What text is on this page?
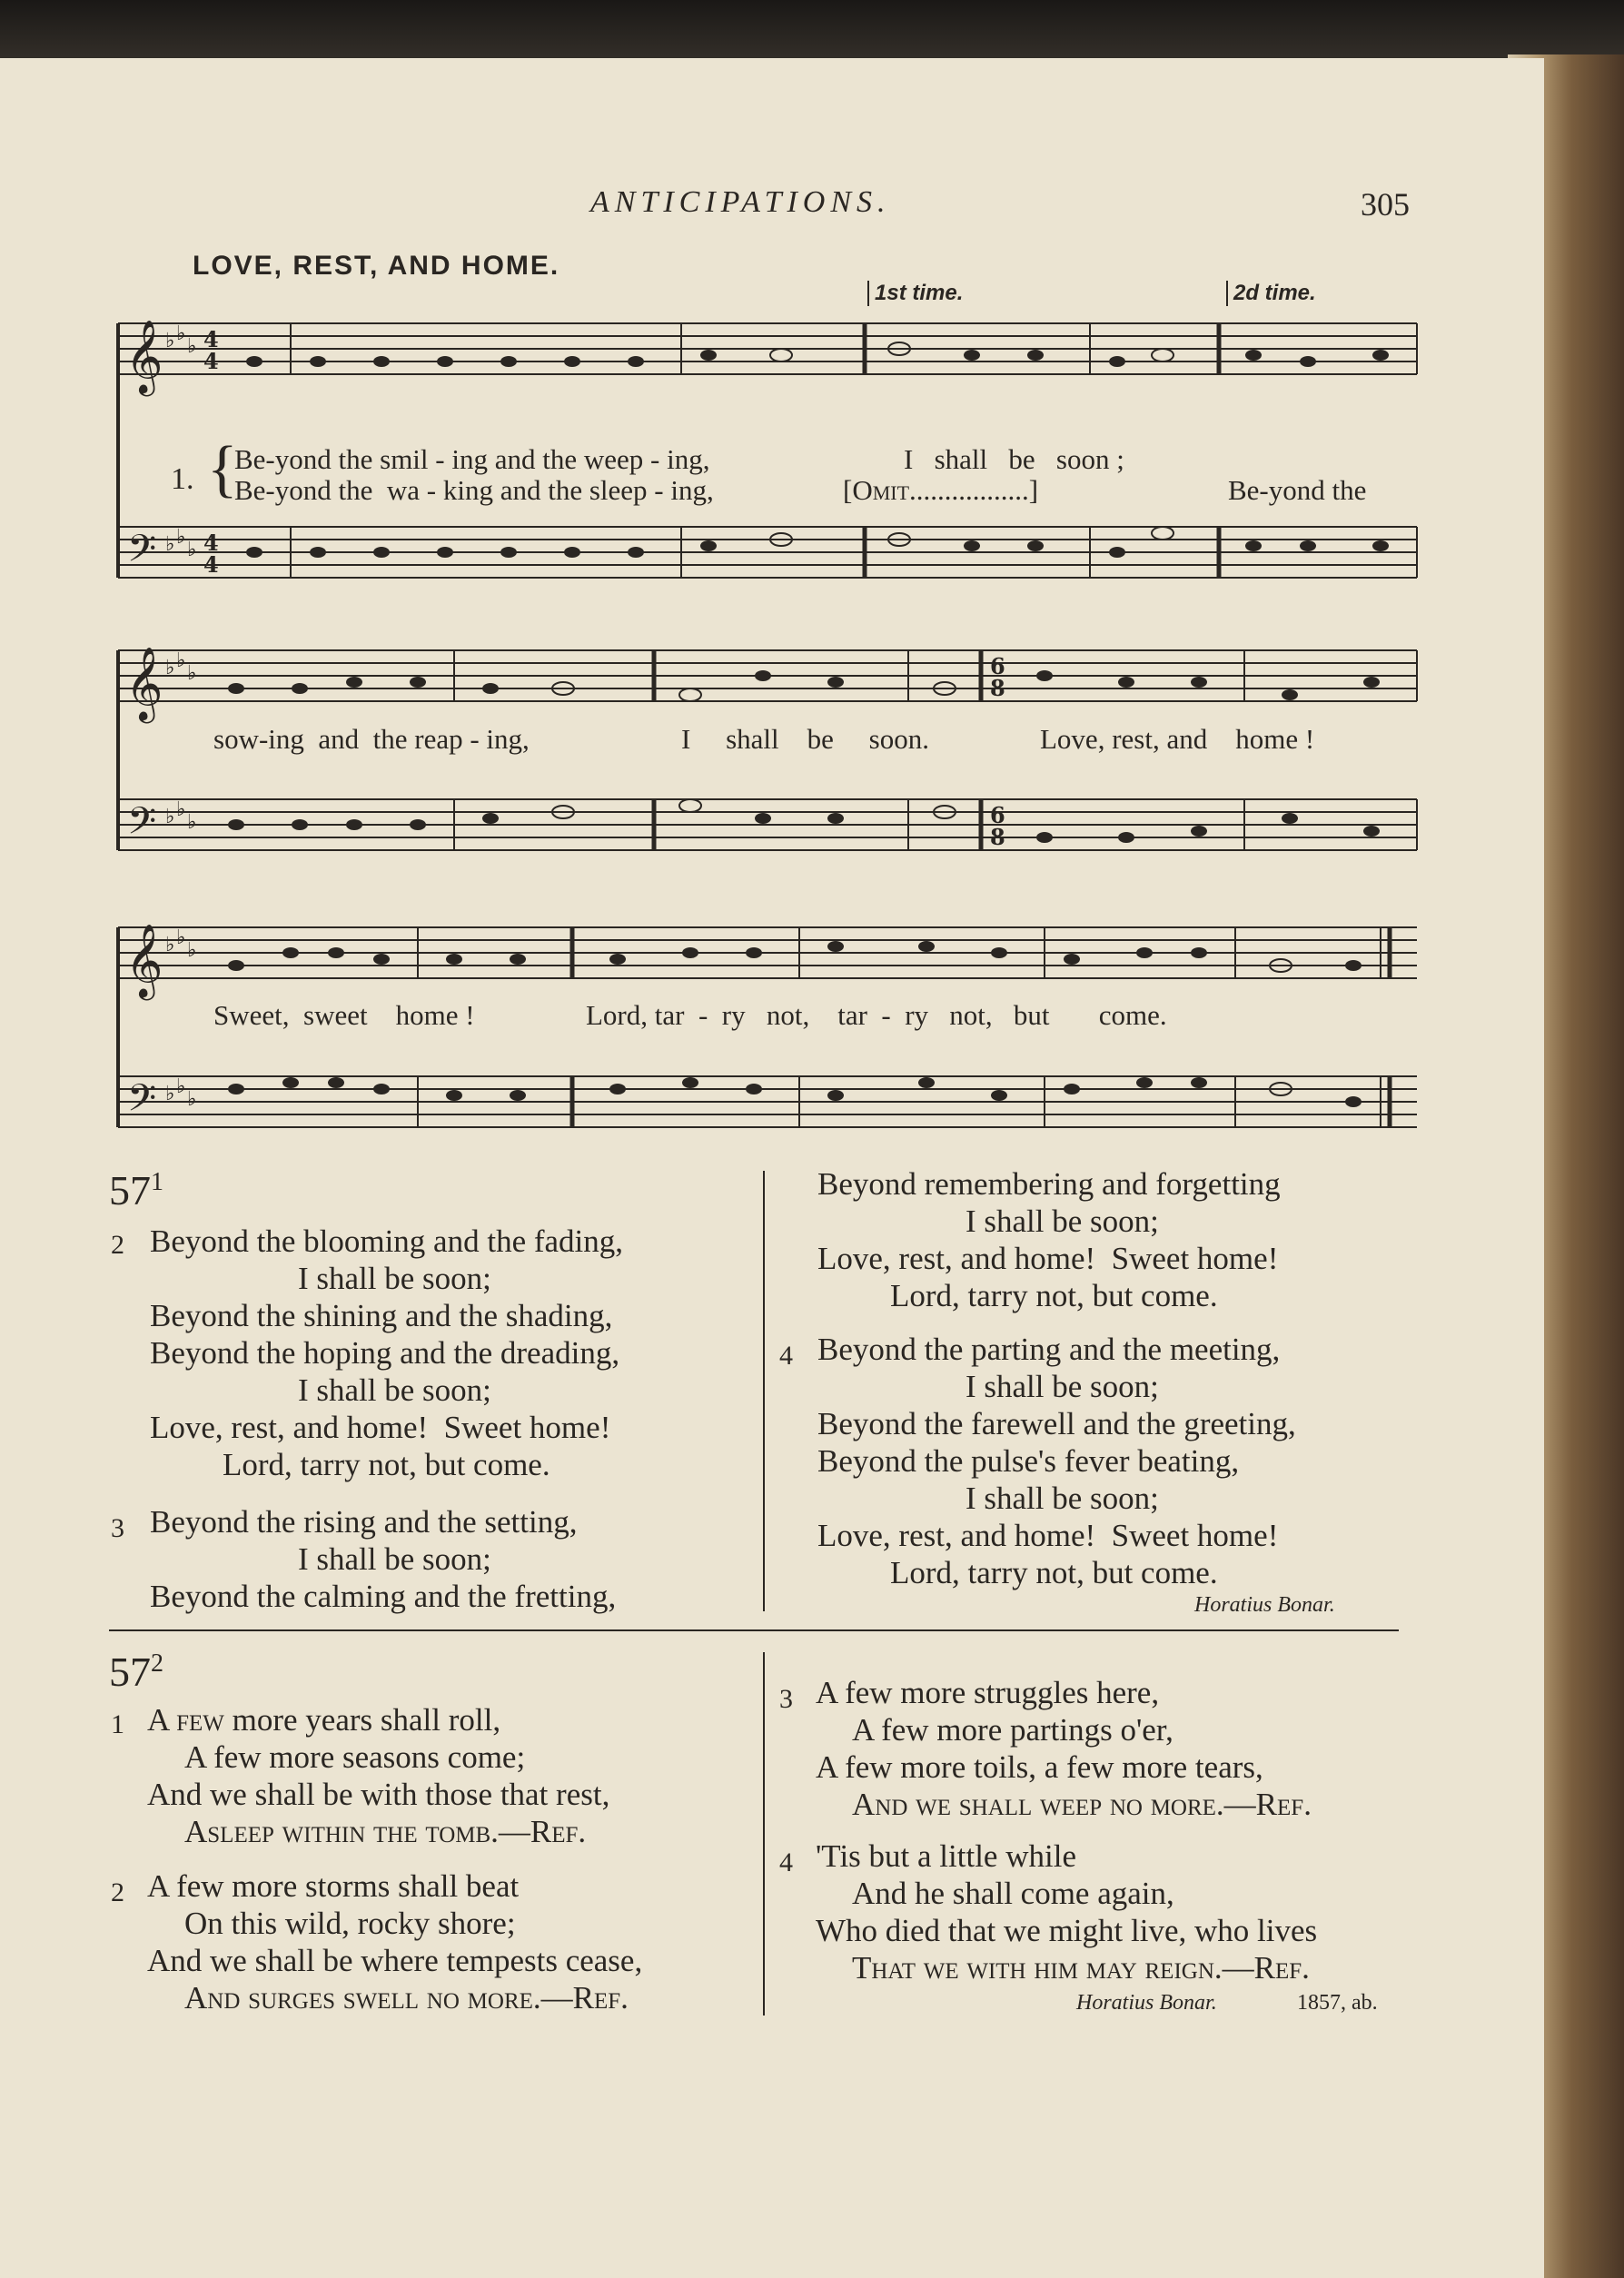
ANTICIPATIONS.	305
LOVE, REST, AND HOME.
1st time.	2d time.
𝄞
𝄢
♭ ♭
♭
♭ ♭
♭
4
4
4
4
1. {
Be-yond the smil - ing and the weep - ing,	I   shall   be   soon ;
Be-yond the  wa - king and the sleep - ing,	[Omit.................]	Be-yond the
𝄞
𝄢
♭ ♭
♭
♭ ♭
♭
6
8
6
8
sow-ing  and  the reap - ing,	I     shall    be     soon.	Love, rest, and    home !
𝄞
𝄢
♭ ♭
♭
♭ ♭
♭
Sweet,  sweet    home !	Lord, tar  -  ry   not,    tar  -  ry   not,   but       come.
$57^1$
2 Beyond the blooming and the fading,
I shall be soon;
Beyond the shining and the shading,
Beyond the hoping and the dreading,
I shall be soon;
Love, rest, and home!  Sweet home!
Lord, tarry not, but come.
3 Beyond the rising and the setting,
I shall be soon;
Beyond the calming and the fretting,
Beyond remembering and forgetting
I shall be soon;
Love, rest, and home!  Sweet home!
Lord, tarry not, but come.
4 Beyond the parting and the meeting,
I shall be soon;
Beyond the farewell and the greeting,
Beyond the pulse's fever beating,
I shall be soon;
Love, rest, and home!  Sweet home!
Lord, tarry not, but come.
Horatius Bonar.
$57^2$
1 A few more years shall roll,
A few more seasons come;
And we shall be with those that rest,
Asleep within the tomb.—Ref.
2 A few more storms shall beat
On this wild, rocky shore;
And we shall be where tempests cease,
And surges swell no more.—Ref.
3 A few more struggles here,
A few more partings o'er,
A few more toils, a few more tears,
And we shall weep no more.—Ref.
4 'Tis but a little while
And he shall come again,
Who died that we might live, who lives
That we with him may reign.—Ref.
Horatius Bonar.	1857, ab.
